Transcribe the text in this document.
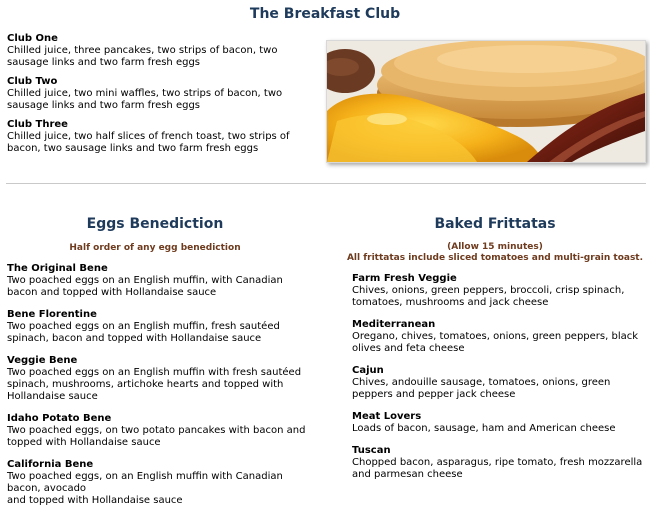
The Breakfast Club
Club One
Chilled juice, three pancakes, two strips of bacon, two sausage links and two farm fresh eggs
Club Two
Chilled juice, two mini waffles, two strips of bacon, two sausage links and two farm fresh eggs
Club Three
Chilled juice, two half slices of french toast, two strips of bacon, two sausage links and two farm fresh eggs
Eggs Benediction
Half order of any egg benediction
The Original Bene
Two poached eggs on an English muffin, with Canadian bacon and topped with Hollandaise sauce
Bene Florentine
Two poached eggs on an English muffin, fresh sautéed spinach, bacon and topped with Hollandaise sauce
Veggie Bene
Two poached eggs on an English muffin with fresh sautéed spinach, mushrooms, artichoke hearts and topped with Hollandaise sauce
Idaho Potato Bene
Two poached eggs, on two potato pancakes with bacon and topped with Hollandaise sauce
California Bene
Two poached eggs, on an English muffin with Canadian bacon, avocado
and topped with Hollandaise sauce
Baked Frittatas
(Allow 15 minutes)
All frittatas include sliced tomatoes and multi-grain toast.
Farm Fresh Veggie
Chives, onions, green peppers, broccoli, crisp spinach, tomatoes, mushrooms and jack cheese
Mediterranean
Oregano, chives, tomatoes, onions, green peppers, black olives and feta cheese
Cajun
Chives, andouille sausage, tomatoes, onions, green peppers and pepper jack cheese
Meat Lovers
Loads of bacon, sausage, ham and American cheese
Tuscan
Chopped bacon, asparagus, ripe tomato, fresh mozzarella and parmesan cheese
